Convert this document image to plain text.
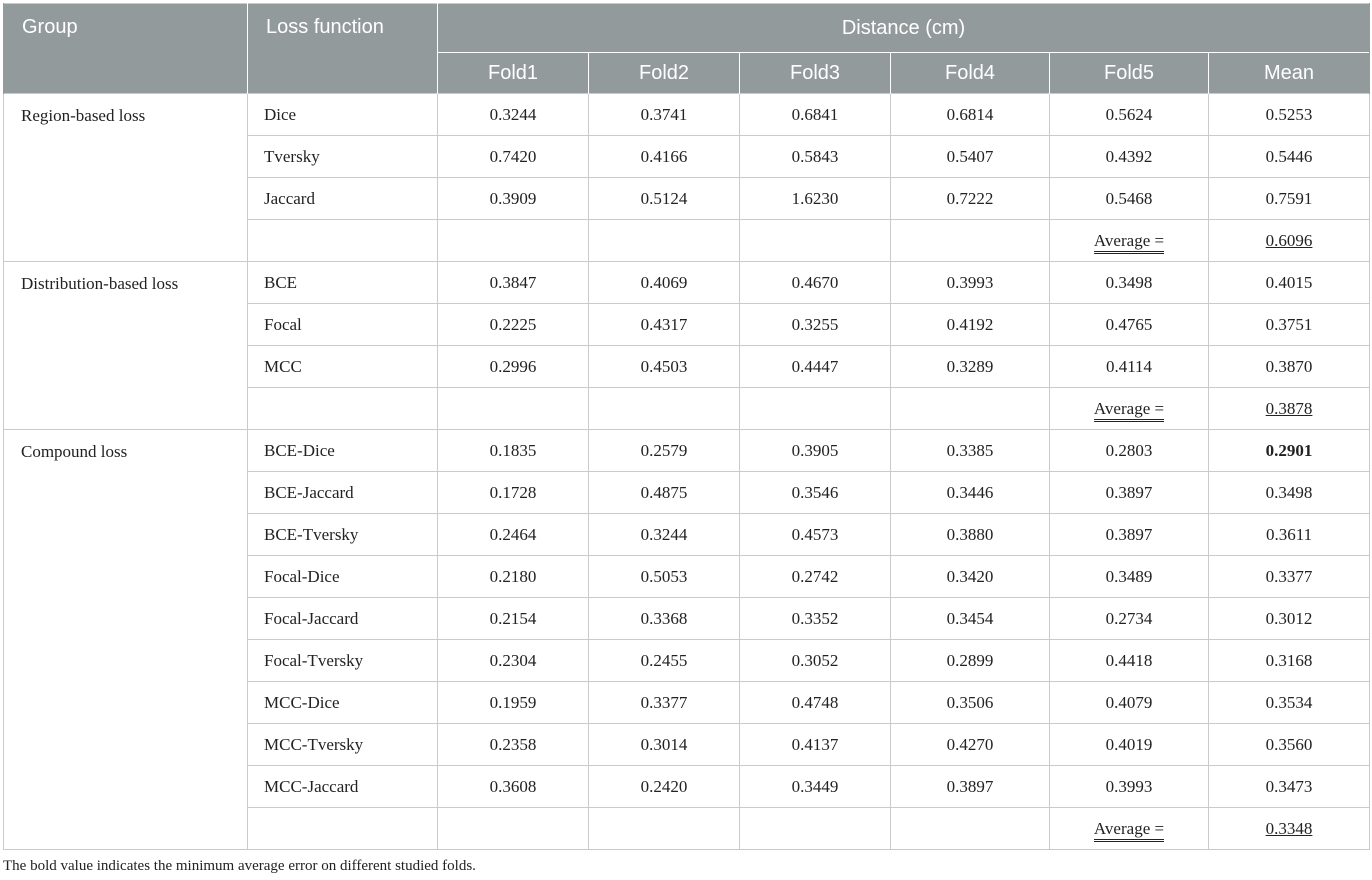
Group	Loss function	Distance (cm)					
		Fold1	Fold2	Fold3	Fold4	Fold5	Mean
Region-based loss	Dice	0.3244	0.3741	0.6841	0.6814	0.5624	0.5253
	Tversky	0.7420	0.4166	0.5843	0.5407	0.4392	0.5446
	Jaccard	0.3909	0.5124	1.6230	0.7222	0.5468	0.7591
						Average =	0.6096
Distribution-based loss	BCE	0.3847	0.4069	0.4670	0.3993	0.3498	0.4015
	Focal	0.2225	0.4317	0.3255	0.4192	0.4765	0.3751
	MCC	0.2996	0.4503	0.4447	0.3289	0.4114	0.3870
						Average =	0.3878
Compound loss	BCE-Dice	0.1835	0.2579	0.3905	0.3385	0.2803	0.2901
	BCE-Jaccard	0.1728	0.4875	0.3546	0.3446	0.3897	0.3498
	BCE-Tversky	0.2464	0.3244	0.4573	0.3880	0.3897	0.3611
	Focal-Dice	0.2180	0.5053	0.2742	0.3420	0.3489	0.3377
	Focal-Jaccard	0.2154	0.3368	0.3352	0.3454	0.2734	0.3012
	Focal-Tversky	0.2304	0.2455	0.3052	0.2899	0.4418	0.3168
	MCC-Dice	0.1959	0.3377	0.4748	0.3506	0.4079	0.3534
	MCC-Tversky	0.2358	0.3014	0.4137	0.4270	0.4019	0.3560
	MCC-Jaccard	0.3608	0.2420	0.3449	0.3897	0.3993	0.3473
						Average =	0.3348
The bold value indicates the minimum average error on different studied folds.
